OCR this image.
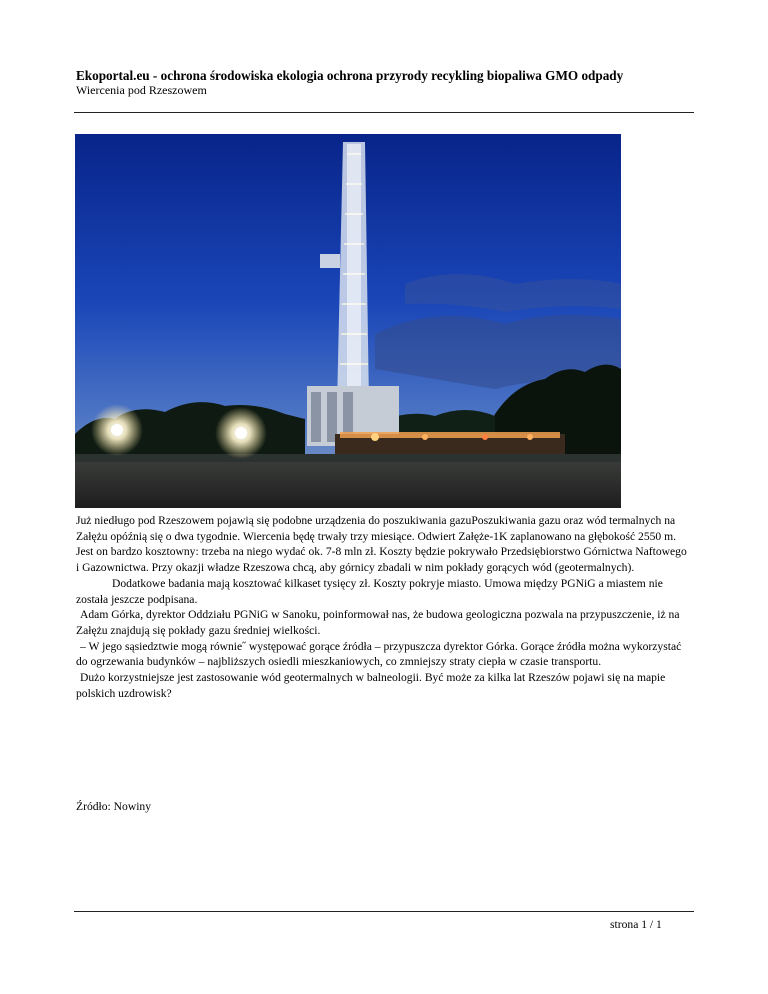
Ekoportal.eu - ochrona środowiska ekologia ochrona przyrody recykling biopaliwa GMO odpady
Wiercenia pod Rzeszowem

Już niedługo pod Rzeszowem pojawią się podobne urządzenia do poszukiwania gazuPoszukiwania gazu oraz wód termalnych na Załężu opóźnią się o dwa tygodnie. Wiercenia będę trwały trzy miesiące. Odwiert Załęże-1K zaplanowano na głębokość 2550 m. Jest on bardzo kosztowny: trzeba na niego wydać ok. 7-8 mln zł. Koszty będzie pokrywało Przedsiębiorstwo Górnictwa Naftowego i Gazownictwa. Przy okazji władze Rzeszowa chcą, aby górnicy zbadali w nim pokłady gorących wód (geotermalnych).

Dodatkowe badania mają kosztować kilkaset tysięcy zł. Koszty pokryje miasto. Umowa między PGNiG a miastem nie została jeszcze podpisana.

Adam Górka, dyrektor Oddziału PGNiG w Sanoku, poinformował nas, że budowa geologiczna pozwala na przypuszczenie, iż na Załężu znajdują się pokłady gazu średniej wielkości.

– W jego sąsiedztwie mogą równie˝ występować gorące źródła – przypuszcza dyrektor Górka. Gorące źródła można wykorzystać do ogrzewania budynków – najbliższych osiedli mieszkaniowych, co zmniejszy straty ciepła w czasie transportu.

Dużo korzystniejsze jest zastosowanie wód geotermalnych w balneologii. Być może za kilka lat Rzeszów pojawi się na mapie polskich uzdrowisk?

Źródło: Nowiny
strona 1 / 1
